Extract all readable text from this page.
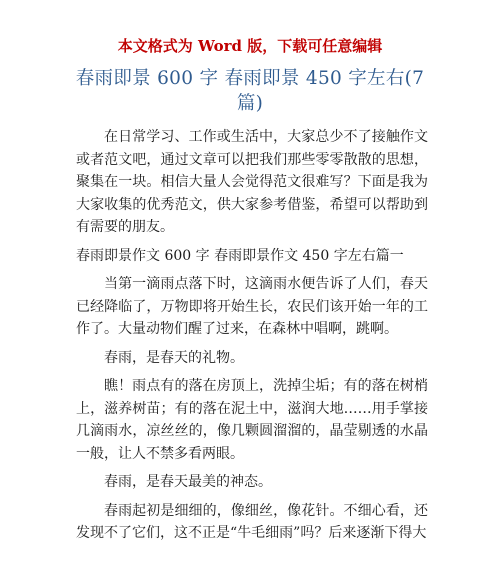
本文格式为 Word 版，下载可任意编辑
春雨即景 600 字 春雨即景 450 字左右(7 篇)

在日常学习、工作或生活中，大家总少不了接触作文或者范文吧，通过文章可以把我们那些零零散散的思想，聚集在一块。相信大量人会觉得范文很难写？下面是我为大家收集的优秀范文，供大家参考借鉴，希望可以帮助到有需要的朋友。

春雨即景作文 600 字 春雨即景作文 450 字左右篇一

当第一滴雨点落下时，这滴雨水便告诉了人们，春天已经降临了，万物即将开始生长，农民们该开始一年的工作了。大量动物们醒了过来，在森林中唱啊，跳啊。

春雨，是春天的礼物。

瞧！雨点有的落在房顶上，洗掉尘垢；有的落在树梢上，滋养树苗；有的落在泥土中，滋润大地……用手掌接几滴雨水，凉丝丝的，像几颗圆溜溜的，晶莹剔透的水晶一般，让人不禁多看两眼。

春雨，是春天最美的神态。

春雨起初是细细的，像细丝，像花针。不细心看，还发现不了它们，这不正是“牛毛细雨”吗？后来逐渐下得大
